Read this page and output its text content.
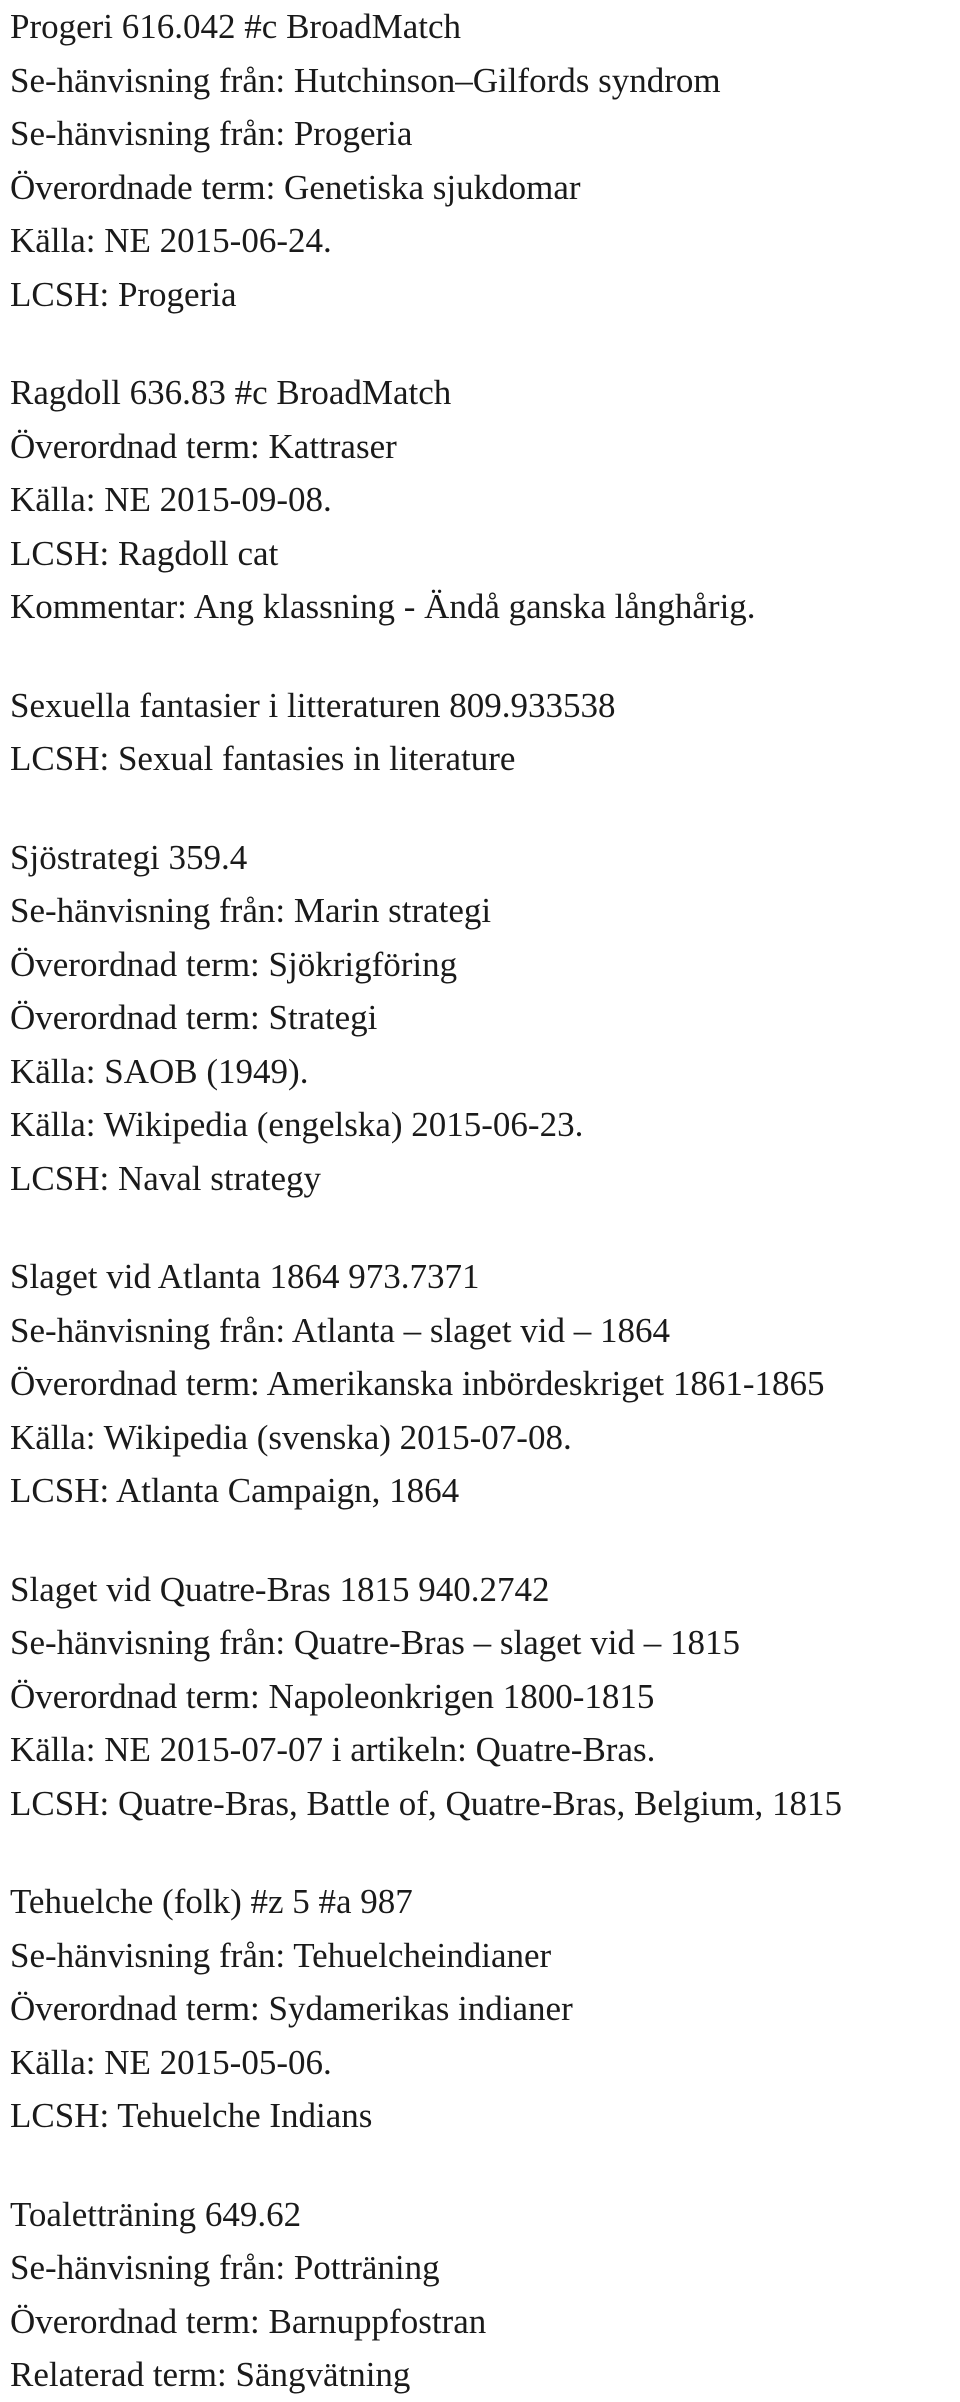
Progeri 616.042 #c BroadMatch
Se-hänvisning från: Hutchinson–Gilfords syndrom
Se-hänvisning från: Progeria
Överordnade term: Genetiska sjukdomar
Källa: NE 2015-06-24.
LCSH: Progeria
Ragdoll 636.83 #c BroadMatch
Överordnad term: Kattraser
Källa: NE 2015-09-08.
LCSH: Ragdoll cat
Kommentar: Ang klassning - Ändå ganska långhårig.
Sexuella fantasier i litteraturen 809.933538
LCSH: Sexual fantasies in literature
Sjöstrategi 359.4
Se-hänvisning från: Marin strategi
Överordnad term: Sjökrigföring
Överordnad term: Strategi
Källa: SAOB (1949).
Källa: Wikipedia (engelska) 2015-06-23.
LCSH: Naval strategy
Slaget vid Atlanta 1864 973.7371
Se-hänvisning från: Atlanta – slaget vid – 1864
Överordnad term: Amerikanska inbördeskriget 1861-1865
Källa: Wikipedia (svenska) 2015-07-08.
LCSH: Atlanta Campaign, 1864
Slaget vid Quatre-Bras 1815 940.2742
Se-hänvisning från: Quatre-Bras – slaget vid – 1815
Överordnad term: Napoleonkrigen 1800-1815
Källa: NE 2015-07-07 i artikeln: Quatre-Bras.
LCSH: Quatre-Bras, Battle of, Quatre-Bras, Belgium, 1815
Tehuelche (folk) #z 5 #a 987
Se-hänvisning från: Tehuelcheindianer
Överordnad term: Sydamerikas indianer
Källa: NE 2015-05-06.
LCSH: Tehuelche Indians
Toaletträning 649.62
Se-hänvisning från: Potträning
Överordnad term: Barnuppfostran
Relaterad term: Sängvätning
